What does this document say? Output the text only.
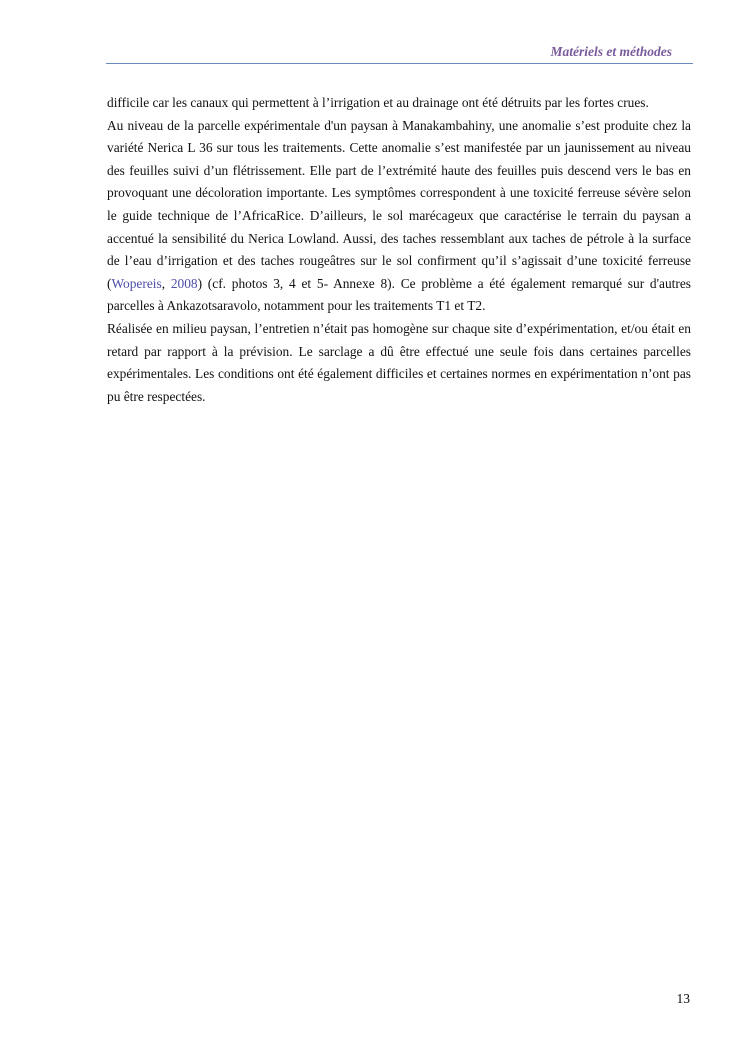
Matériels et méthodes

difficile car les canaux qui permettent à l’irrigation et au drainage ont été détruits par les fortes crues.

Au niveau de la parcelle expérimentale d'un paysan à Manakambahiny, une anomalie s’est produite chez la variété Nerica L 36 sur tous les traitements. Cette anomalie s’est manifestée par un jaunissement au niveau des feuilles suivi d’un flétrissement. Elle part de l’extrémité haute des feuilles puis descend vers le bas en provoquant une décoloration importante. Les symptômes correspondent à une toxicité ferreuse sévère selon le guide technique de l’AfricaRice. D’ailleurs, le sol marécageux que caractérise le terrain du paysan a accentué la sensibilité du Nerica Lowland. Aussi, des taches ressemblant aux taches de pétrole à la surface de l’eau d’irrigation et des taches rougeâtres sur le sol confirment qu’il s’agissait d’une toxicité ferreuse (Wopereis, 2008) (cf. photos 3, 4 et 5- Annexe 8). Ce problème a été également remarqué sur d'autres parcelles à Ankazotsaravolo, notamment pour les traitements T1 et T2.

Réalisée en milieu paysan, l’entretien n’était pas homogène sur chaque site d’expérimentation, et/ou était en retard par rapport à la prévision. Le sarclage a dû être effectué une seule fois dans certaines parcelles expérimentales. Les conditions ont été également difficiles et certaines normes en expérimentation n’ont pas pu être respectées.

13
